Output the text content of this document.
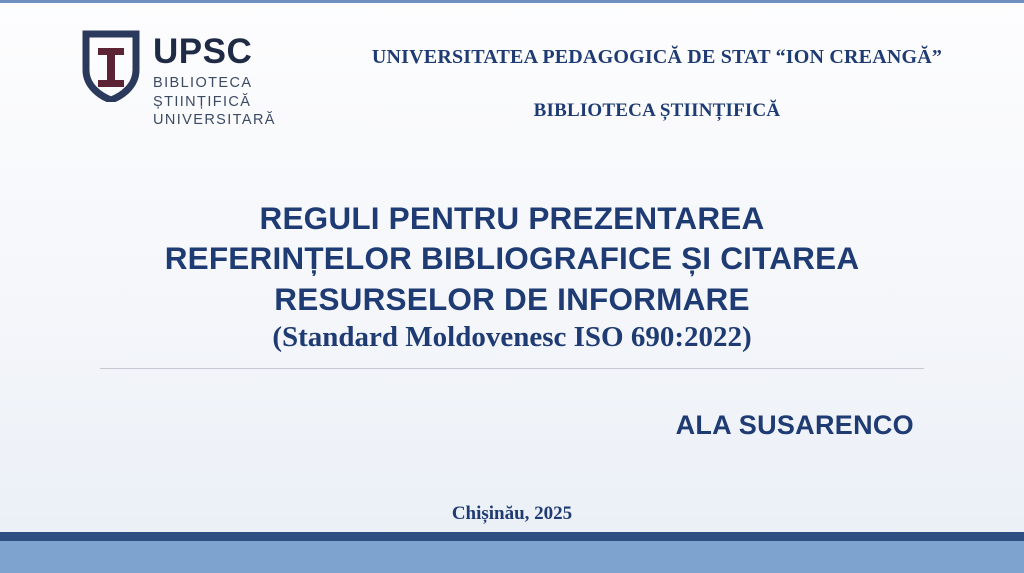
UPSC
BIBLIOTECA
ȘTIINȚIFICĂ
UNIVERSITARĂ
UNIVERSITATEA PEDAGOGICĂ DE STAT “ION CREANGĂ”
BIBLIOTECA ȘTIINȚIFICĂ
REGULI PENTRU PREZENTAREA
REFERINȚELOR BIBLIOGRAFICE ȘI CITAREA
RESURSELOR DE INFORMARE
(Standard Moldovenesc ISO 690:2022)
ALA SUSARENCO
Chișinău, 2025
